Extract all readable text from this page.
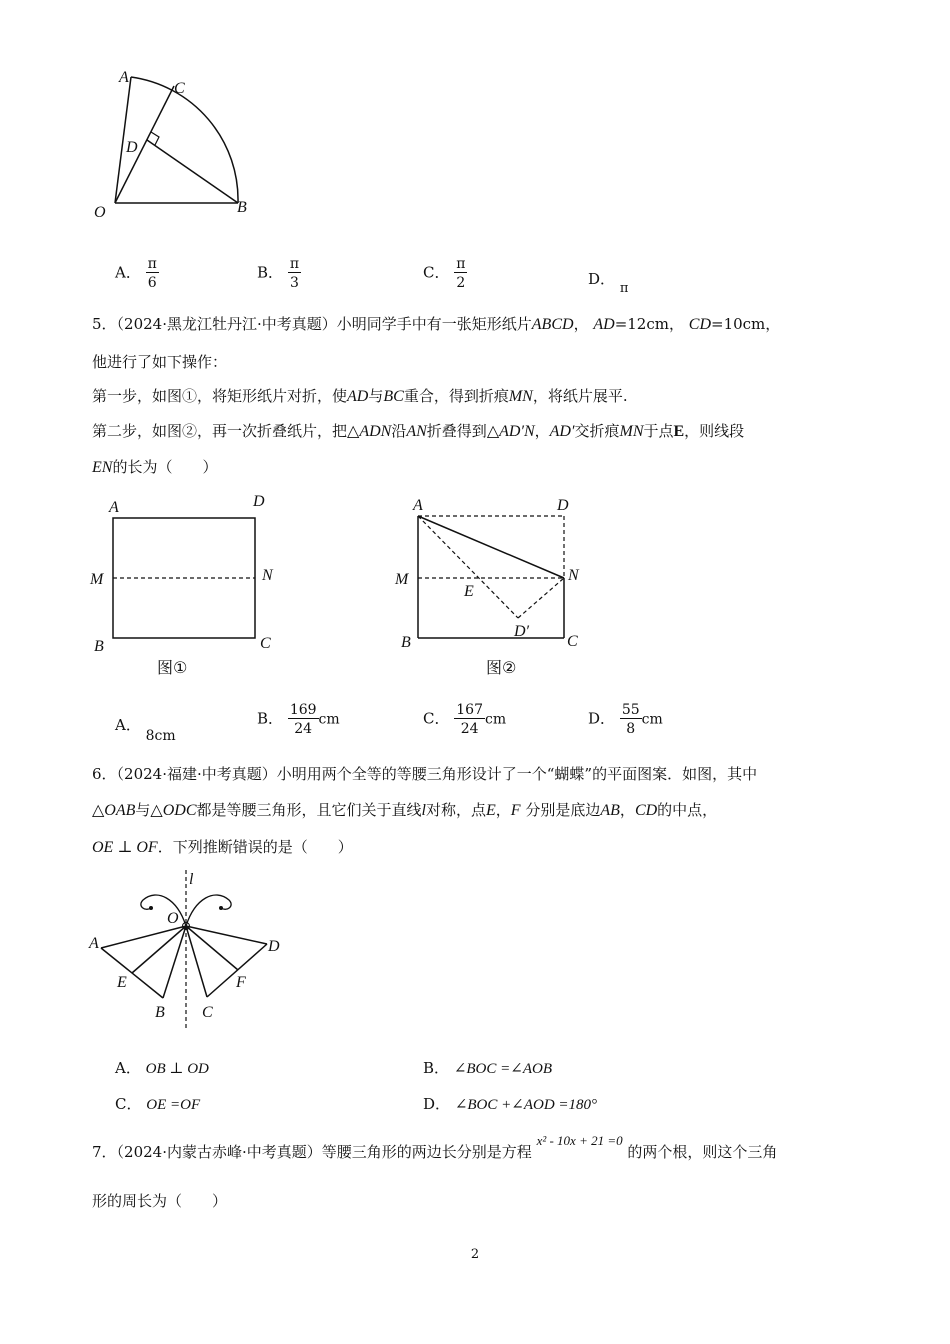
A
C
D
O	B
A． $\frac{\pi}{6}$	B． $\frac{\pi}{3}$	C． $\frac{\pi}{2}$	D． π
5．（2024·黑龙江牡丹江·中考真题）小明同学手中有一张矩形纸片ABCD， AD=12cm， CD=10cm，
他进行了如下操作：
第一步，如图①，将矩形纸片对折，使AD与BC重合，得到折痕MN，将纸片展平.
第二步，如图②，再一次折叠纸片，把△ADN沿AN折叠得到△AD′N，AD′交折痕MN于点E，则线段
EN的长为（　　）
A	D
M	N
B	C
图①
A	D
M	N
E
D′
B	C
图②
A． 8cm
B． $\frac{169}{24}$ cm	C． $\frac{167}{24}$ cm	D． $\frac{55}{8}$ cm
6．（2024·福建·中考真题）小明用两个全等的等腰三角形设计了一个“蝴蝶”的平面图案．如图，其中
△OAB与△ODC都是等腰三角形，且它们关于直线l对称，点E，F 分别是底边AB，CD的中点，
OE ⊥ OF．下列推断错误的是（　　）
l
O
A	D
E	F
B C
A． OB ⊥ OD	B． ∠BOC =∠AOB
C． OE =OF	D． ∠BOC +∠AOD =180°
7．（2024·内蒙古赤峰·中考真题）等腰三角形的两边长分别是方程 x² - 10x + 21 =0 的两个根，则这个三角
形的周长为（　　）
2
